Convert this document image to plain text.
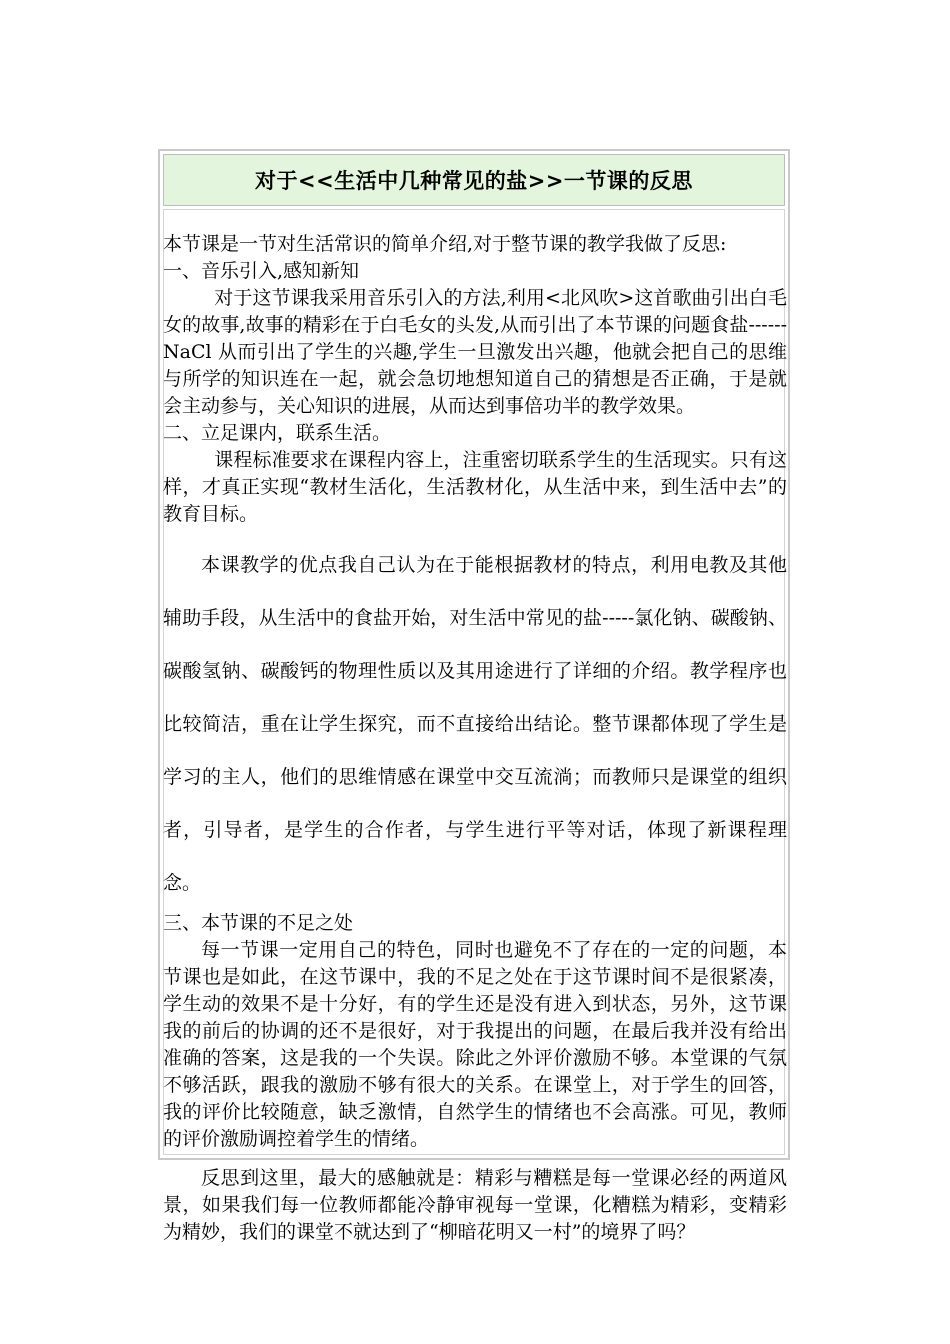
对于<<生活中几种常见的盐>>一节课的反思

本节课是一节对生活常识的简单介绍,对于整节课的教学我做了反思:

一、音乐引入,感知新知

对于这节课我采用音乐引入的方法,利用<北风吹>这首歌曲引出白毛女的故事,故事的精彩在于白毛女的头发,从而引出了本节课的问题食盐------NaCl 从而引出了学生的兴趣,学生一旦激发出兴趣，他就会把自己的思维与所学的知识连在一起，就会急切地想知道自己的猜想是否正确，于是就会主动参与，关心知识的进展，从而达到事倍功半的教学效果。

二、立足课内，联系生活。

课程标准要求在课程内容上，注重密切联系学生的生活现实。只有这样，才真正实现“教材生活化，生活教材化，从生活中来，到生活中去”的教育目标。

本课教学的优点我自己认为在于能根据教材的特点，利用电教及其他辅助手段，从生活中的食盐开始，对生活中常见的盐-----氯化钠、碳酸钠、碳酸氢钠、碳酸钙的物理性质以及其用途进行了详细的介绍。教学程序也比较简洁，重在让学生探究，而不直接给出结论。整节课都体现了学生是学习的主人，他们的思维情感在课堂中交互流淌；而教师只是课堂的组织者，引导者，是学生的合作者，与学生进行平等对话，体现了新课程理念。

三、本节课的不足之处

每一节课一定用自己的特色，同时也避免不了存在的一定的问题，本节课也是如此，在这节课中，我的不足之处在于这节课时间不是很紧凑，学生动的效果不是十分好，有的学生还是没有进入到状态，另外，这节课我的前后的协调的还不是很好，对于我提出的问题，在最后我并没有给出准确的答案，这是我的一个失误。除此之外评价激励不够。本堂课的气氛不够活跃，跟我的激励不够有很大的关系。在课堂上，对于学生的回答，我的评价比较随意，缺乏激情，自然学生的情绪也不会高涨。可见，教师的评价激励调控着学生的情绪。

反思到这里，最大的感触就是：精彩与糟糕是每一堂课必经的两道风景，如果我们每一位教师都能冷静审视每一堂课，化糟糕为精彩，变精彩为精妙，我们的课堂不就达到了“柳暗花明又一村”的境界了吗？
